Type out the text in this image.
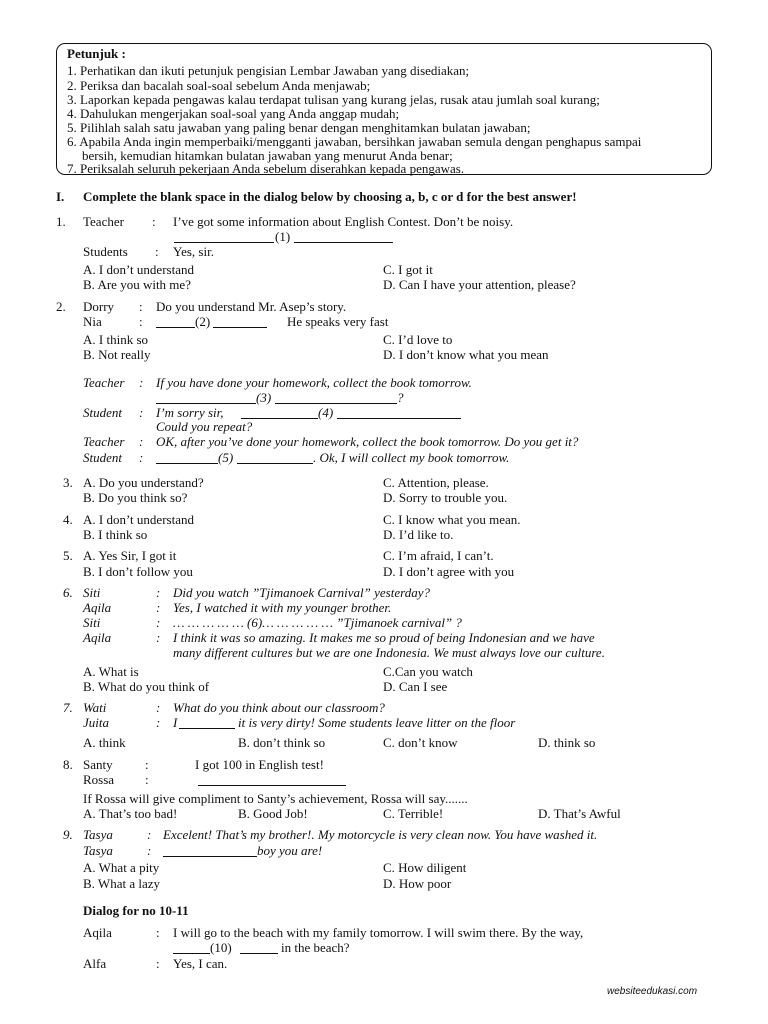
Petunjuk :
1. Perhatikan dan ikuti petunjuk pengisian Lembar Jawaban yang disediakan;
2. Periksa dan bacalah soal-soal sebelum Anda menjawab;
3. Laporkan kepada pengawas kalau terdapat tulisan yang kurang jelas, rusak atau jumlah soal kurang;
4. Dahulukan mengerjakan soal-soal yang Anda anggap mudah;
5. Pilihlah salah satu jawaban yang paling benar dengan menghitamkan bulatan jawaban;
6. Apabila Anda ingin memperbaiki/mengganti jawaban, bersihkan jawaban semula dengan penghapus sampai
bersih, kemudian hitamkan bulatan jawaban yang menurut Anda benar;
7. Periksalah seluruh pekerjaan Anda sebelum diserahkan kepada pengawas.
I. Complete the blank space in the dialog below by choosing a, b, c or d for the best answer!
1. Teacher : I’ve got some information about English Contest. Don’t be noisy.
(1)
Students : Yes, sir.
A. I don’t understand
B. Are you with me?
C. I got it
D. Can I have your attention, please?
2. Dorry : Do you understand Mr. Asep’s story.
Nia	:	(2)	He speaks very fast
A. I think so
B. Not really
C. I’d love to
D. I don’t know what you mean
Teacher : If you have done your homework, collect the book tomorrow.
(3)	?
Student : I’m sorry sir,	(4)
Could you repeat?
Teacher : OK, after you’ve done your homework, collect the book tomorrow. Do you get it?
Student :	(5)	. Ok, I will collect my book tomorrow.
3. A. Do you understand?
B. Do you think so?
C. Attention, please.
D. Sorry to trouble you.
4. A. I don’t understand
B. I think so
C. I know what you mean.
D. I’d like to.
5. A. Yes Sir, I got it
B. I don’t follow you
C. I’m afraid, I can’t.
D. I don’t agree with you
6. Siti	: Did you watch ”Tjimanoek Carnival” yesterday?
Aqila	: Yes, I watched it with my younger brother.
Siti	: … … … … … (6)… … … … … ”Tjimanoek carnival” ?
Aqila	: I think it was so amazing. It makes me so proud of being Indonesian and we have
many different cultures but we are one Indonesia. We must always love our culture.
A. What is
B. What do you think of
C.Can you watch
D. Can I see
7. Wati	: What do you think about our classroom?
Juita	: I	it is very dirty! Some students leave litter on the floor
A. think	B. don’t think so	C. don’t know	D. think so
8. Santy :	I got 100 in English test!
Rossa :
If Rossa will give compliment to Santy’s achievement, Rossa will say.......
A. That’s too bad!	B. Good Job!	C. Terrible!	D. That’s Awful
9. Tasya	: Excelent! That’s my brother!. My motorcycle is very clean now. You have washed it.
Tasya	:	boy you are!
A. What a pity
B. What a lazy
C. How diligent
D. How poor
Dialog for no 10-11
Aqila	: I will go to the beach with my family tomorrow. I will swim there. By the way,
(10)	in the beach?
Alfa	: Yes, I can.
websiteedukasi.com
